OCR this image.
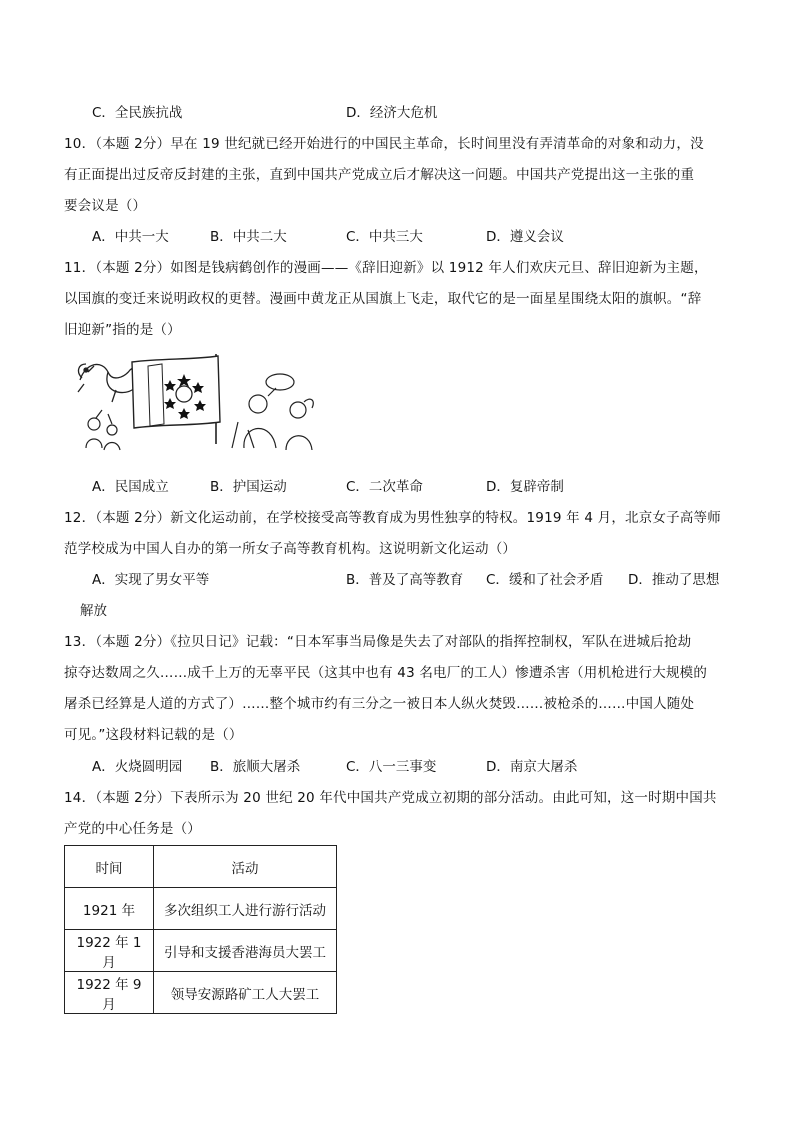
C．全民族抗战	D．经济大危机
10．（本题 2分）早在 19 世纪就已经开始进行的中国民主革命，长时间里没有弄清革命的对象和动力，没
有正面提出过反帝反封建的主张，直到中国共产党成立后才解决这一问题。中国共产党提出这一主张的重
要会议是（）
A．中共一大	B．中共二大	C．中共三大	D．遵义会议
11．（本题 2分）如图是钱病鹤创作的漫画——《辞旧迎新》以 1912 年人们欢庆元旦、辞旧迎新为主题，
以国旗的变迁来说明政权的更替。漫画中黄龙正从国旗上飞走，取代它的是一面星星围绕太阳的旗帜。“辞
旧迎新”指的是（）
A．民国成立	B．护国运动	C．二次革命	D．复辟帝制
12．（本题 2分）新文化运动前，在学校接受高等教育成为男性独享的特权。1919 年 4 月，北京女子高等师
范学校成为中国人自办的第一所女子高等教育机构。这说明新文化运动（）
A．实现了男女平等	B．普及了高等教育 C．缓和了社会矛盾 D．推动了思想
解放
13．（本题 2分）《拉贝日记》记载：“日本军事当局像是失去了对部队的指挥控制权，军队在进城后抢劫
掠夺达数周之久……成千上万的无辜平民（这其中也有 43 名电厂的工人）惨遭杀害（用机枪进行大规模的
屠杀已经算是人道的方式了）……整个城市约有三分之一被日本人纵火焚毁……被枪杀的……中国人随处
可见。”这段材料记载的是（）
A．火烧圆明园 B．旅顺大屠杀	C．八一三事变	D．南京大屠杀
14．（本题 2分）下表所示为 20 世纪 20 年代中国共产党成立初期的部分活动。由此可知，这一时期中国共
产党的中心任务是（）
时间	活动
1921 年	多次组织工人进行游行活动
1922 年 1 月	引导和支援香港海员大罢工
1922 年 9 月	领导安源路矿工人大罢工
